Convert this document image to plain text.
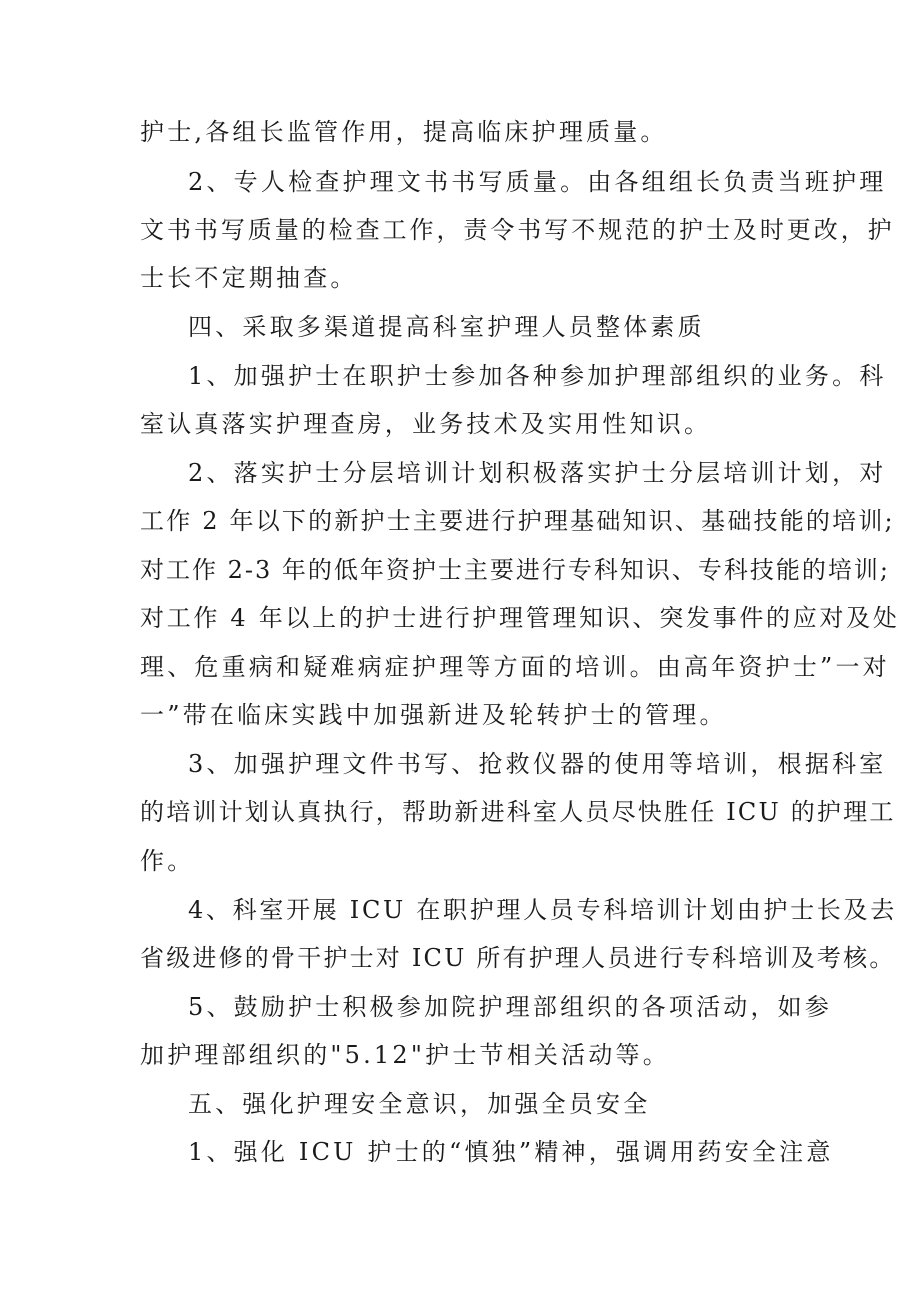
护士,各组长监管作用，提高临床护理质量。
2、专人检查护理文书书写质量。由各组组长负责当班护理
文书书写质量的检查工作，责令书写不规范的护士及时更改，护
士长不定期抽查。
四、采取多渠道提高科室护理人员整体素质
1、加强护士在职护士参加各种参加护理部组织的业务。科
室认真落实护理查房，业务技术及实用性知识。
2、落实护士分层培训计划积极落实护士分层培训计划，对
工作 2 年以下的新护士主要进行护理基础知识、基础技能的培训;
对工作 2-3 年的低年资护士主要进行专科知识、专科技能的培训;
对工作 4 年以上的护士进行护理管理知识、突发事件的应对及处
理、危重病和疑难病症护理等方面的培训。由高年资护士”一对
一”带在临床实践中加强新进及轮转护士的管理。
3、加强护理文件书写、抢救仪器的使用等培训，根据科室
的培训计划认真执行，帮助新进科室人员尽快胜任 ICU 的护理工
作。
4、科室开展 ICU 在职护理人员专科培训计划由护士长及去
省级进修的骨干护士对 ICU 所有护理人员进行专科培训及考核。
5、鼓励护士积极参加院护理部组织的各项活动，如参
加护理部组织的"5.12"护士节相关活动等。
五、强化护理安全意识，加强全员安全
1、强化 ICU 护士的“慎独”精神，强调用药安全注意
